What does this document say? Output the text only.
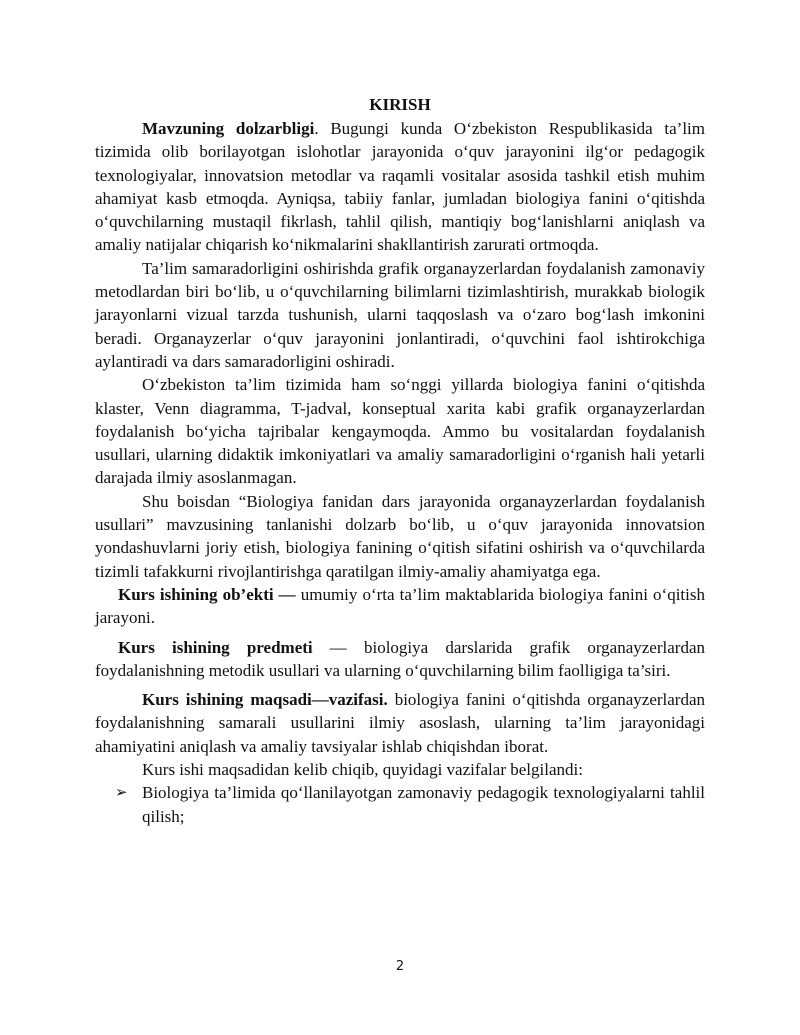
KIRISH

Mavzuning dolzarbligi. Bugungi kunda O‘zbekiston Respublikasida ta’lim tizimida olib borilayotgan islohotlar jarayonida o‘quv jarayonini ilg‘or pedagogik texnologiyalar, innovatsion metodlar va raqamli vositalar asosida tashkil etish muhim ahamiyat kasb etmoqda. Ayniqsa, tabiiy fanlar, jumladan biologiya fanini o‘qitishda o‘quvchilarning mustaqil fikrlash, tahlil qilish, mantiqiy bog‘lanishlarni aniqlash va amaliy natijalar chiqarish ko‘nikmalarini shakllantirish zarurati ortmoqda.

Ta’lim samaradorligini oshirishda grafik organayzerlardan foydalanish zamonaviy metodlardan biri bo‘lib, u o‘quvchilarning bilimlarni tizimlashtirish, murakkab biologik jarayonlarni vizual tarzda tushunish, ularni taqqoslash va o‘zaro bog‘lash imkonini beradi. Organayzerlar o‘quv jarayonini jonlantiradi, o‘quvchini faol ishtirokchiga aylantiradi va dars samaradorligini oshiradi.

O‘zbekiston ta’lim tizimida ham so‘nggi yillarda biologiya fanini o‘qitishda klaster, Venn diagramma, T-jadval, konseptual xarita kabi grafik organayzerlardan foydalanish bo‘yicha tajribalar kengaymoqda. Ammo bu vositalardan foydalanish usullari, ularning didaktik imkoniyatlari va amaliy samaradorligini o‘rganish hali yetarli darajada ilmiy asoslanmagan.

Shu boisdan “Biologiya fanidan dars jarayonida organayzerlardan foydalanish usullari” mavzusining tanlanishi dolzarb bo‘lib, u o‘quv jarayonida innovatsion yondashuvlarni joriy etish, biologiya fanining o‘qitish sifatini oshirish va o‘quvchilarda tizimli tafakkurni rivojlantirishga qaratilgan ilmiy-amaliy ahamiyatga ega.

Kurs ishining ob’ekti — umumiy o‘rta ta’lim maktablarida biologiya fanini o‘qitish jarayoni.

Kurs ishining predmeti — biologiya darslarida grafik organayzerlardan foydalanishning metodik usullari va ularning o‘quvchilarning bilim faolligiga ta’siri.

Kurs ishining maqsadi—vazifasi. biologiya fanini o‘qitishda organayzerlardan foydalanishning samarali usullarini ilmiy asoslash, ularning ta’lim jarayonidagi ahamiyatini aniqlash va amaliy tavsiyalar ishlab chiqishdan iborat.

Kurs ishi maqsadidan kelib chiqib, quyidagi vazifalar belgilandi:

➢ Biologiya ta’limida qo‘llanilayotgan zamonaviy pedagogik texnologiyalarni tahlil qilish;
2
